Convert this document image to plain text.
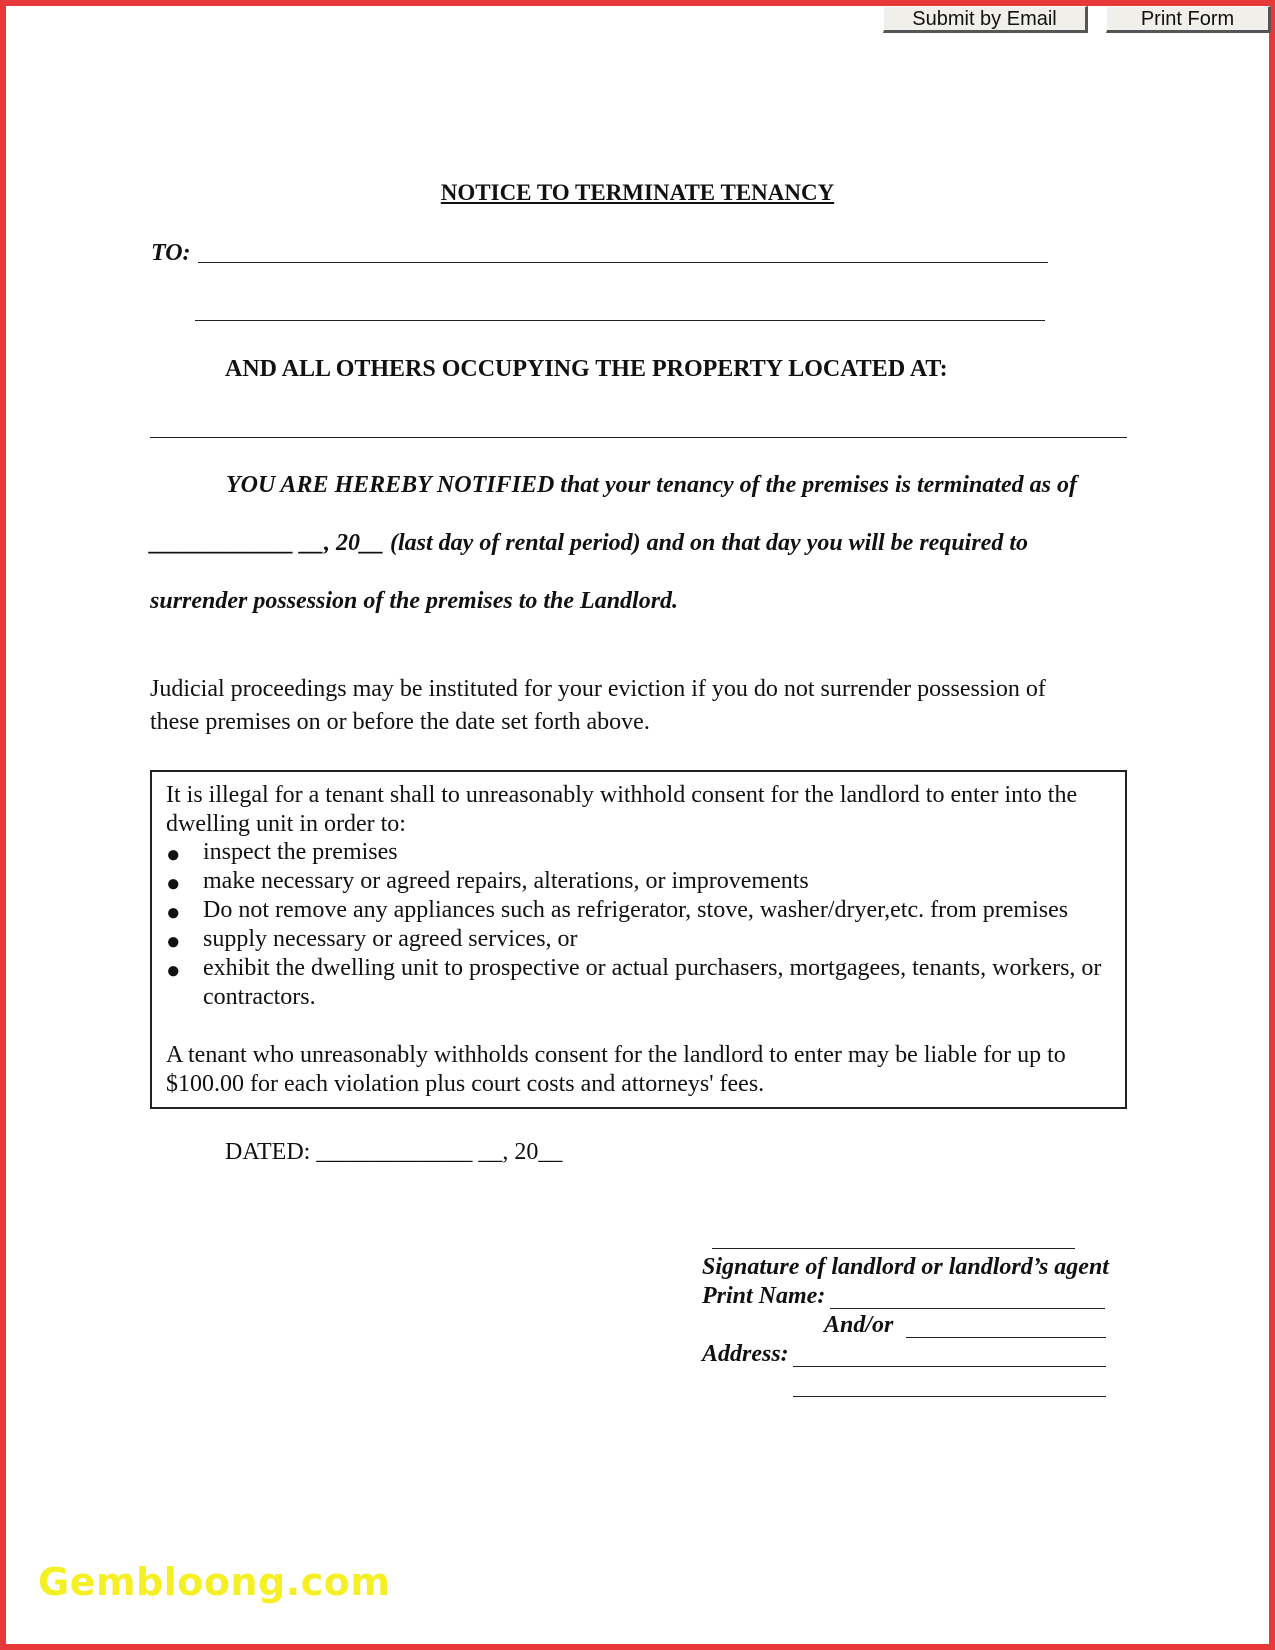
Submit by Email	Print Form
NOTICE TO TERMINATE TENANCY
TO:
AND ALL OTHERS OCCUPYING THE PROPERTY LOCATED AT:
YOU ARE HEREBY NOTIFIED that your tenancy of the premises is terminated as of
____________ __, 20__ (last day of rental period) and on that day you will be required to
surrender possession of the premises to the Landlord.
Judicial proceedings may be instituted for your eviction if you do not surrender possession of
these premises on or before the date set forth above.
It is illegal for a tenant shall to unreasonably withhold consent for the landlord to enter into the
dwelling unit in order to:
● inspect the premises
● make necessary or agreed repairs, alterations, or improvements
● Do not remove any appliances such as refrigerator, stove, washer/dryer,etc. from premises
● supply necessary or agreed services, or
● exhibit the dwelling unit to prospective or actual purchasers, mortgagees, tenants, workers, or
contractors.
A tenant who unreasonably withholds consent for the landlord to enter may be liable for up to
$100.00 for each violation plus court costs and attorneys' fees.
DATED: _____________ __, 20__
Signature of landlord or landlord’s agent
Print Name:
And/or
Address:
Gembloong.com
